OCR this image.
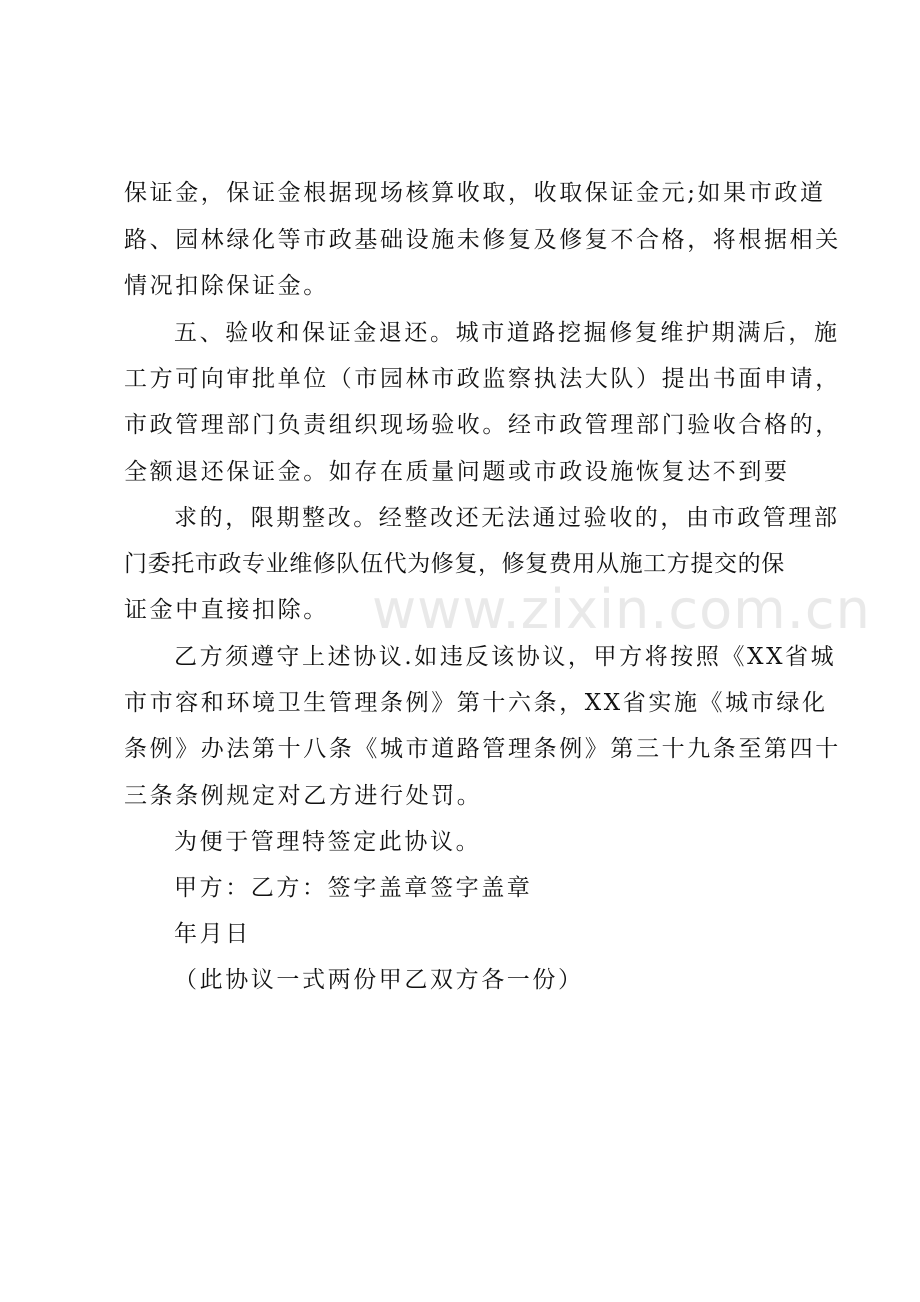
www.zixin.com.cn
保证金，保证金根据现场核算收取，收取保证金元;如果市政道
路、园林绿化等市政基础设施未修复及修复不合格，将根据相关
情况扣除保证金。
五、验收和保证金退还。城市道路挖掘修复维护期满后，施
工方可向审批单位（市园林市政监察执法大队）提出书面申请，
市政管理部门负责组织现场验收。经市政管理部门验收合格的，
全额退还保证金。如存在质量问题或市政设施恢复达不到要
求的，限期整改。经整改还无法通过验收的，由市政管理部
门委托市政专业维修队伍代为修复，修复费用从施工方提交的保
证金中直接扣除。
乙方须遵守上述协议.如违反该协议，甲方将按照《XX省城
市市容和环境卫生管理条例》第十六条，XX省实施《城市绿化
条例》办法第十八条《城市道路管理条例》第三十九条至第四十
三条条例规定对乙方进行处罚。
为便于管理特签定此协议。
甲方：乙方：签字盖章签字盖章
年月日
（此协议一式两份甲乙双方各一份）
